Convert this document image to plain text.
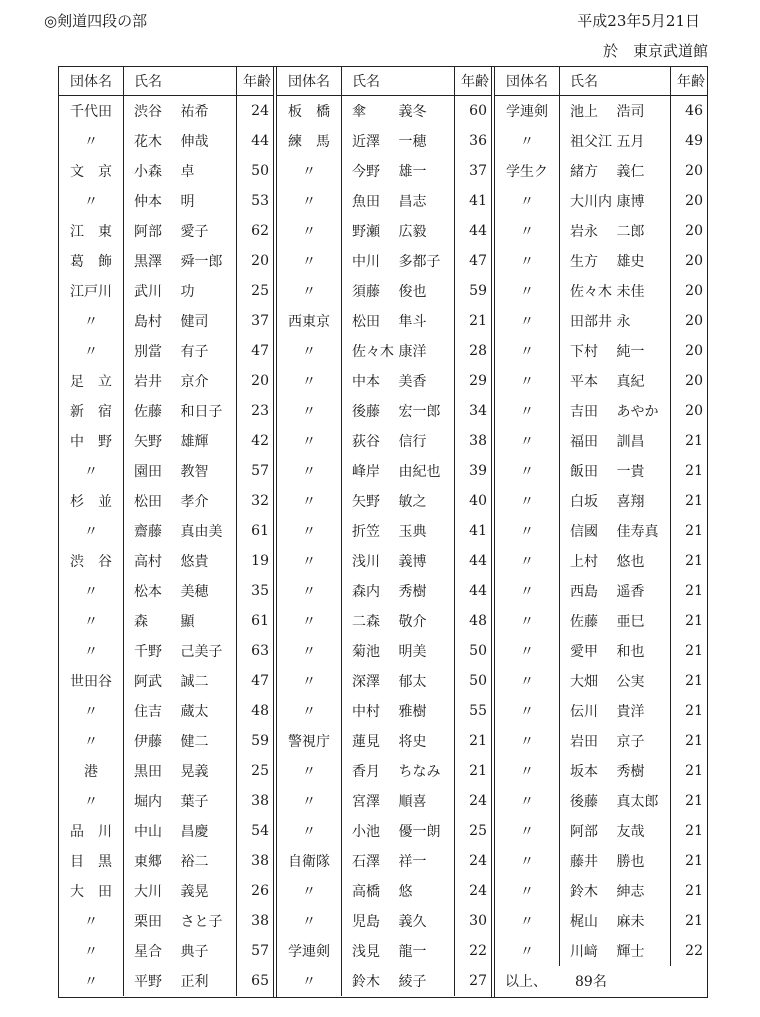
◎剣道四段の部	平成23年5月21日
於　東京武道館
団体名	氏名	年齢
千代田	渋谷　 祐希	24
〃	花木　 伸哉	44
文　京	小森　 卓	50
〃	仲本　 明	53
江　東	阿部　 愛子	62
葛　飾	黒澤　 舜一郎	20
江戸川	武川　 功	25
〃	島村　 健司	37
〃	別當　 有子	47
足　立	岩井　 京介	20
新　宿	佐藤　 和日子	23
中　野	矢野　 雄輝	42
〃	園田　 教智	57
杉　並	松田　 孝介	32
〃	齋藤　 真由美	61
渋　谷	高村　 悠貴	19
〃	松本　 美穂	35
〃	森　　 顯	61
〃	千野　 己美子	63
世田谷	阿武　 誠二	47
〃	住吉　 蔵太	48
〃	伊藤　 健二	59
港	黒田　 晃義	25
〃	堀内　 葉子	38
品　川	中山　 昌慶	54
目　黒	東郷　 裕二	38
大　田	大川　 義晃	26
〃	栗田　 さと子	38
〃	星合　 典子	57
〃	平野　 正利	65
団体名	氏名	年齢
板　橋	傘　　 義冬	60
練　馬	近澤　 一穂	36
〃	今野　 雄一	37
〃	魚田　 昌志	41
〃	野瀬　 広毅	44
〃	中川　 多都子	47
〃	須藤　 俊也	59
西東京	松田　 隼斗	21
〃	佐々木 康洋	28
〃	中本　 美香	29
〃	後藤　 宏一郎	34
〃	荻谷　 信行	38
〃	峰岸　 由紀也	39
〃	矢野　 敏之	40
〃	折笠　 玉典	41
〃	浅川　 義博	44
〃	森内　 秀樹	44
〃	二森　 敬介	48
〃	菊池　 明美	50
〃	深澤　 郁太	50
〃	中村　 雅樹	55
警視庁	蓮見　 将史	21
〃	香月　 ちなみ	21
〃	宮澤　 順喜	24
〃	小池　 優一朗	25
自衛隊	石澤　 祥一	24
〃	高橋　 悠	24
〃	児島　 義久	30
学連剣	浅見　 龍一	22
〃	鈴木　 綾子	27
団体名	氏名	年齢
学連剣	池上　 浩司	46
〃	祖父江 五月	49
学生ク	緒方　 義仁	20
〃	大川内 康博	20
〃	岩永　 二郎	20
〃	生方　 雄史	20
〃	佐々木 未佳	20
〃	田部井 永	20
〃	下村　 純一	20
〃	平本　 真紀	20
〃	吉田　 あやか	20
〃	福田　 訓昌	21
〃	飯田　 一貴	21
〃	白坂　 喜翔	21
〃	信國　 佳寿真	21
〃	上村　 悠也	21
〃	西島　 遥香	21
〃	佐藤　 亜巳	21
〃	愛甲　 和也	21
〃	大畑　 公実	21
〃	伝川　 貴洋	21
〃	岩田　 京子	21
〃	坂本　 秀樹	21
〃	後藤　 真太郎	21
〃	阿部　 友哉	21
〃	藤井　 勝也	21
〃	鈴木　 紳志	21
〃	梶山　 麻未	21
〃	川﨑　 輝士	22
以上、 89名		
